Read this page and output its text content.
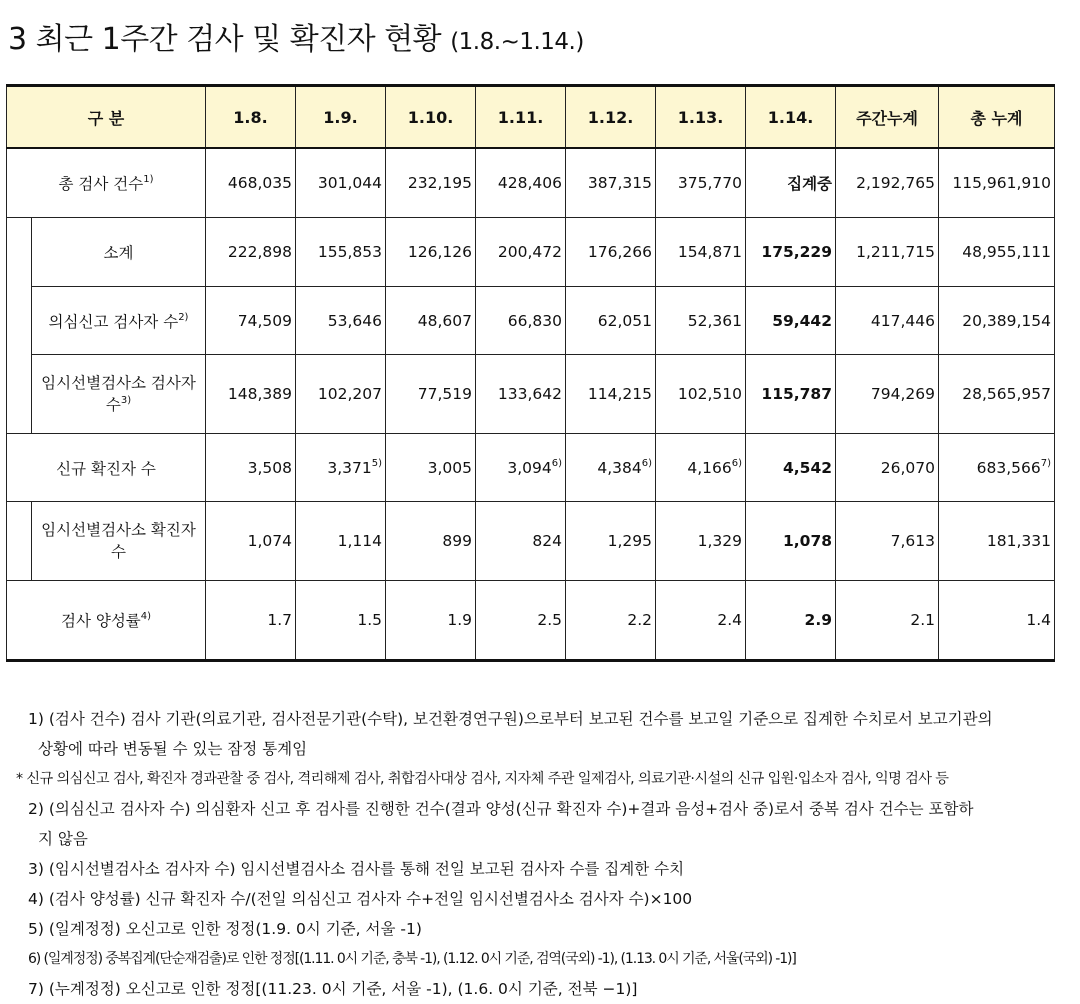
3 최근 1주간 검사 및 확진자 현황 (1.8.~1.14.)
구 분		1.8.	1.9.	1.10.	1.11.	1.12.	1.13.	1.14.	주간누계	총 누계
총 검사 건수$^{1)}$		468,035	301,044	232,195	428,406	387,315	375,770	집계중	2,192,765	115,961,910
	소계	222,898	155,853	126,126	200,472	176,266	154,871	175,229	1,211,715	48,955,111
	의심신고 검사자 수$^{2)}$	74,509	53,646	48,607	66,830	62,051	52,361	59,442	417,446	20,389,154
	임시선별검사소 검사자 수$^{3)}$	148,389	102,207	77,519	133,642	114,215	102,510	115,787	794,269	28,565,957
신규 확진자 수		3,508	3,371$^{5)}$	3,005	3,094$^{6)}$	4,384$^{6)}$	4,166$^{6)}$	4,542	26,070	683,566$^{7)}$
	임시선별검사소 확진자 수	1,074	1,114	899	824	1,295	1,329	1,078	7,613	181,331
검사 양성률$^{4)}$		1.7	1.5	1.9	2.5	2.2	2.4	2.9	2.1	1.4
1) (검사 건수) 검사 기관(의료기관, 검사전문기관(수탁), 보건환경연구원)으로부터 보고된 건수를 보고일 기준으로 집계한 수치로서 보고기관의
상황에 따라 변동될 수 있는 잠정 통계임
* 신규 의심신고 검사, 확진자 경과관찰 중 검사, 격리해제 검사, 취합검사대상 검사, 지자체 주관 일제검사, 의료기관·시설의 신규 입원·입소자 검사, 익명 검사 등
2) (의심신고 검사자 수) 의심환자 신고 후 검사를 진행한 건수(결과 양성(신규 확진자 수)+결과 음성+검사 중)로서 중복 검사 건수는 포함하
지 않음
3) (임시선별검사소 검사자 수) 임시선별검사소 검사를 통해 전일 보고된 검사자 수를 집계한 수치
4) (검사 양성률) 신규 확진자 수/(전일 의심신고 검사자 수+전일 임시선별검사소 검사자 수)×100
5) (일계정정) 오신고로 인한 정정(1.9. 0시 기준, 서울 -1)
6) (일계정정) 중복집계(단순재검출)로 인한 정정[(1.11. 0시 기준, 충북 -1), (1.12. 0시 기준, 검역(국외) -1), (1.13. 0시 기준, 서울(국외) -1)]
7) (누계정정) 오신고로 인한 정정[(11.23. 0시 기준, 서울 -1), (1.6. 0시 기준, 전북 −1)]
